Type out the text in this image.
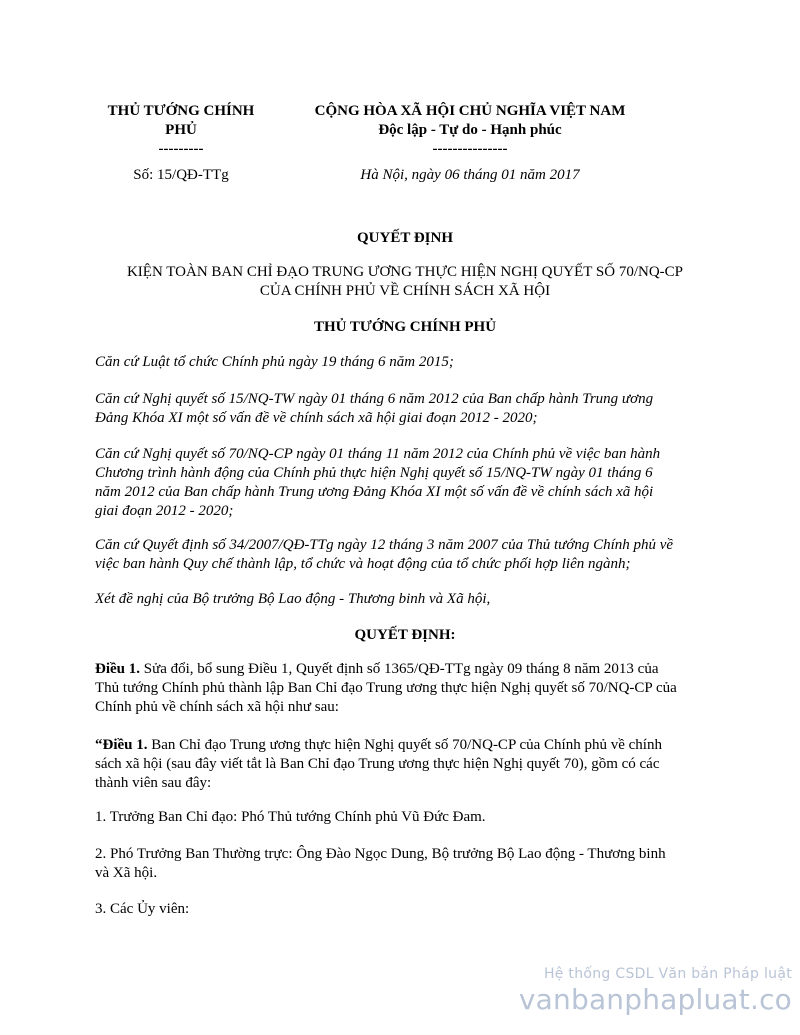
THỦ TƯỚNG CHÍNH
PHỦ
---------
CỘNG HÒA XÃ HỘI CHỦ NGHĨA VIỆT NAM
Độc lập - Tự do - Hạnh phúc
---------------
Số: 15/QĐ-TTg	Hà Nội, ngày 06 tháng 01 năm 2017
QUYẾT ĐỊNH
KIỆN TOÀN BAN CHỈ ĐẠO TRUNG ƯƠNG THỰC HIỆN NGHỊ QUYẾT SỐ 70/NQ-CP
CỦA CHÍNH PHỦ VỀ CHÍNH SÁCH XÃ HỘI
THỦ TƯỚNG CHÍNH PHỦ
Căn cứ Luật tổ chức Chính phủ ngày 19 tháng 6 năm 2015;
Căn cứ Nghị quyết số 15/NQ-TW ngày 01 tháng 6 năm 2012 của Ban chấp hành Trung ương
Đảng Khóa XI một số vấn đề về chính sách xã hội giai đoạn 2012 - 2020;
Căn cứ Nghị quyết số 70/NQ-CP ngày 01 tháng 11 năm 2012 của Chính phủ về việc ban hành
Chương trình hành động của Chính phủ thực hiện Nghị quyết số 15/NQ-TW ngày 01 tháng 6
năm 2012 của Ban chấp hành Trung ương Đảng Khóa XI một số vấn đề về chính sách xã hội
giai đoạn 2012 - 2020;
Căn cứ Quyết định số 34/2007/QĐ-TTg ngày 12 tháng 3 năm 2007 của Thủ tướng Chính phủ về
việc ban hành Quy chế thành lập, tổ chức và hoạt động của tổ chức phối hợp liên ngành;
Xét đề nghị của Bộ trưởng Bộ Lao động - Thương binh và Xã hội,
QUYẾT ĐỊNH:
Điều 1. Sửa đổi, bổ sung Điều 1, Quyết định số 1365/QĐ-TTg ngày 09 tháng 8 năm 2013 của
Thủ tướng Chính phủ thành lập Ban Chỉ đạo Trung ương thực hiện Nghị quyết số 70/NQ-CP của
Chính phủ về chính sách xã hội như sau:
“Điều 1. Ban Chỉ đạo Trung ương thực hiện Nghị quyết số 70/NQ-CP của Chính phủ về chính
sách xã hội (sau đây viết tắt là Ban Chỉ đạo Trung ương thực hiện Nghị quyết 70), gồm có các
thành viên sau đây:
1. Trưởng Ban Chỉ đạo: Phó Thủ tướng Chính phủ Vũ Đức Đam.
2. Phó Trưởng Ban Thường trực: Ông Đào Ngọc Dung, Bộ trưởng Bộ Lao động - Thương binh
và Xã hội.
3. Các Ủy viên:
Hệ thống CSDL Văn bản Pháp luật
vanbanphapluat.co
